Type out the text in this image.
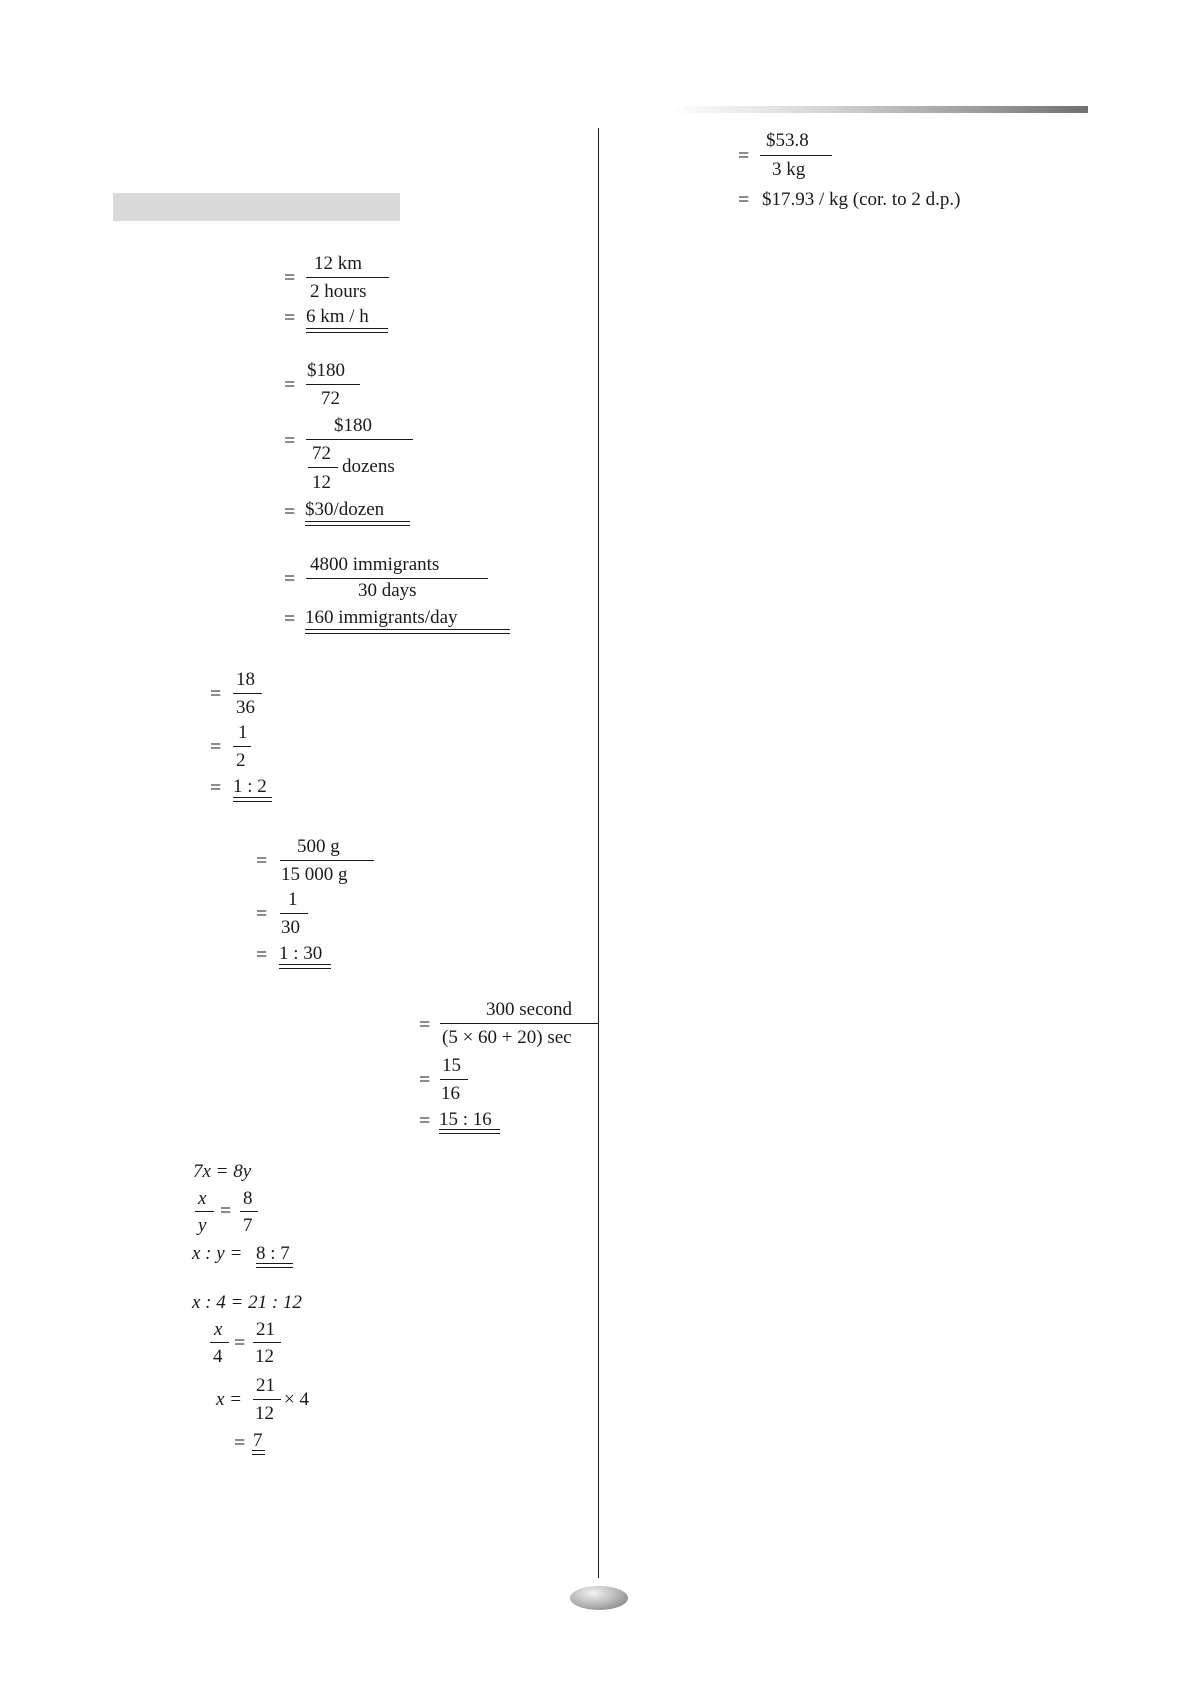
=
$53.8
3 kg
= $17.93 / kg (cor. to 2 d.p.)
=
12 km
2 hours
= 6 km / h
=
$180
72
=
$180
72
12
dozens
= $30/dozen
=
4800 immigrants
30 days
= 160 immigrants/day
=
18
36
=
1
2
= 1 : 2
=
500 g
15 000 g
=
1
30
= 1 : 30
=
300 second
(5 × 60 + 20) sec
=
15
16
= 15 : 16
7x = 8y
x
y
=
8
7
x : y = 8 : 7
x : 4 = 21 : 12
x
4
=
21
12
x =
21
12
× 4
= 7
